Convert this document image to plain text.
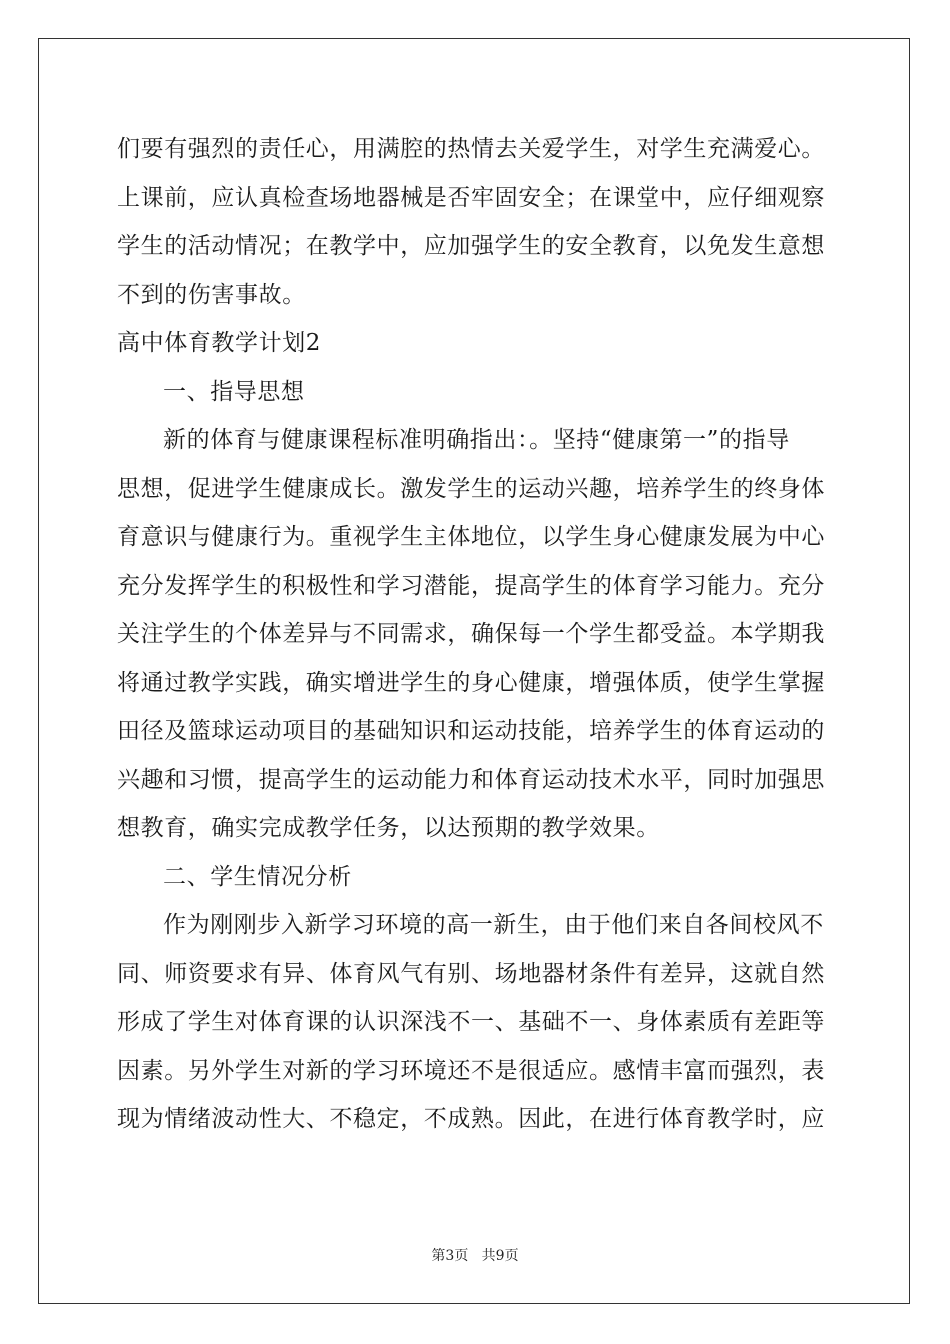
们要有强烈的责任心，用满腔的热情去关爱学生，对学生充满爱心。
上课前，应认真检查场地器械是否牢固安全；在课堂中，应仔细观察
学生的活动情况；在教学中，应加强学生的安全教育，以免发生意想
不到的伤害事故。
高中体育教学计划2
一、指导思想
新的体育与健康课程标准明确指出：。坚持“健康第一”的指导
思想，促进学生健康成长。激发学生的运动兴趣，培养学生的终身体
育意识与健康行为。重视学生主体地位，以学生身心健康发展为中心
充分发挥学生的积极性和学习潜能，提高学生的体育学习能力。充分
关注学生的个体差异与不同需求，确保每一个学生都受益。本学期我
将通过教学实践，确实增进学生的身心健康，增强体质，使学生掌握
田径及篮球运动项目的基础知识和运动技能，培养学生的体育运动的
兴趣和习惯，提高学生的运动能力和体育运动技术水平，同时加强思
想教育，确实完成教学任务，以达预期的教学效果。
二、学生情况分析
作为刚刚步入新学习环境的高一新生，由于他们来自各间校风不
同、师资要求有异、体育风气有别、场地器材条件有差异，这就自然
形成了学生对体育课的认识深浅不一、基础不一、身体素质有差距等
因素。另外学生对新的学习环境还不是很适应。感情丰富而强烈，表
现为情绪波动性大、不稳定，不成熟。因此，在进行体育教学时，应
第3页   共9页
